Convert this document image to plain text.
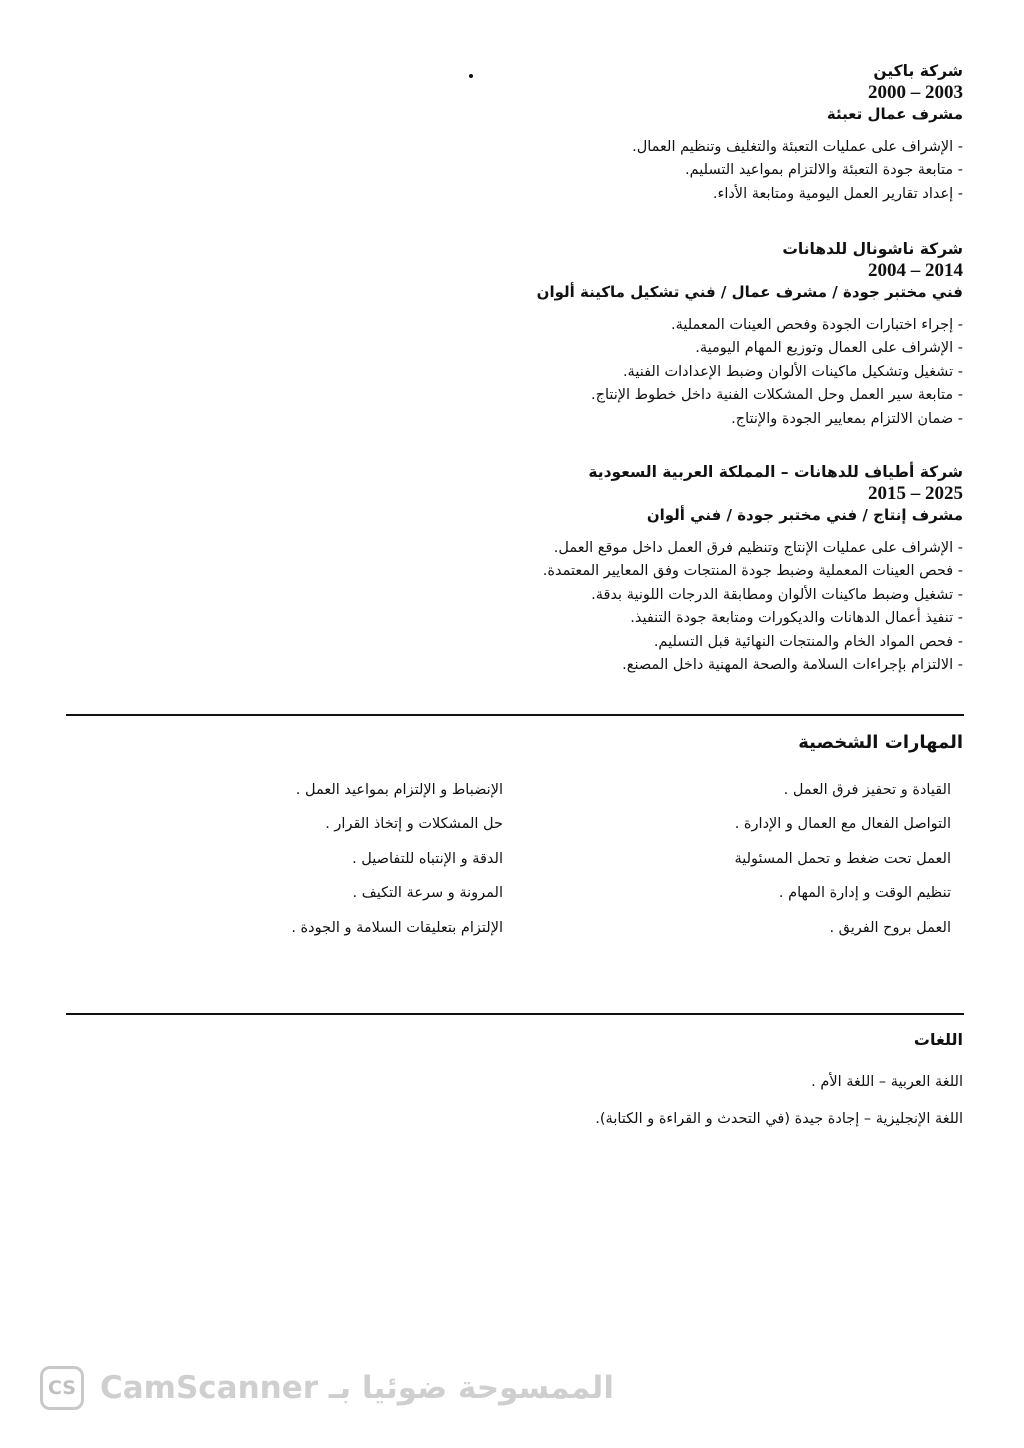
شركة باكين
2000 – 2003
مشرف عمال تعبئة
- الإشراف على عمليات التعبئة والتغليف وتنظيم العمال.
- متابعة جودة التعبئة والالتزام بمواعيد التسليم.
- إعداد تقارير العمل اليومية ومتابعة الأداء.
شركة ناشونال للدهانات
2004 – 2014
فني مختبر جودة / مشرف عمال / فني تشكيل ماكينة ألوان
- إجراء اختبارات الجودة وفحص العينات المعملية.
- الإشراف على العمال وتوزيع المهام اليومية.
- تشغيل وتشكيل ماكينات الألوان وضبط الإعدادات الفنية.
- متابعة سير العمل وحل المشكلات الفنية داخل خطوط الإنتاج.
- ضمان الالتزام بمعايير الجودة والإنتاج.
شركة أطياف للدهانات – المملكة العربية السعودية
2015 – 2025
مشرف إنتاج / فني مختبر جودة / فني ألوان
- الإشراف على عمليات الإنتاج وتنظيم فرق العمل داخل موقع العمل.
- فحص العينات المعملية وضبط جودة المنتجات وفق المعايير المعتمدة.
- تشغيل وضبط ماكينات الألوان ومطابقة الدرجات اللونية بدقة.
- تنفيذ أعمال الدهانات والديكورات ومتابعة جودة التنفيذ.
- فحص المواد الخام والمنتجات النهائية قبل التسليم.
- الالتزام بإجراءات السلامة والصحة المهنية داخل المصنع.
المهارات الشخصية
القيادة و تحفيز فرق العمل .
التواصل الفعال مع العمال و الإدارة .
العمل تحت ضغط و تحمل المسئولية
تنظيم الوقت و إدارة المهام .
العمل بروح الفريق .
الإنضباط و الإلتزام بمواعيد العمل .
حل المشكلات و إتخاذ القرار .
الدقة و الإنتباه للتفاصيل .
المرونة و سرعة التكيف .
الإلتزام بتعليقات السلامة و الجودة .
اللغات
اللغة العربية – اللغة الأم .
اللغة الإنجليزية – إجادة جيدة (في التحدث و القراءة و الكتابة).
CS الممسوحة ضوئيا بـ CamScanner
